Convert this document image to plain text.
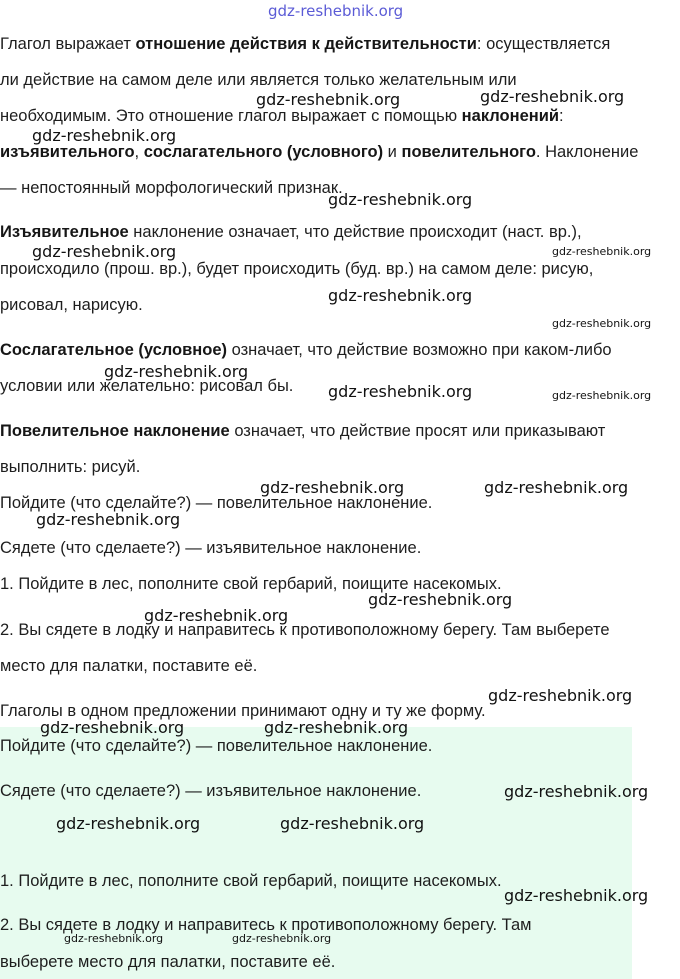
Глагол выражает отношение действия к действительности: осуществляется
ли действие на самом деле или является только желательным или
необходимым. Это отношение глагол выражает с помощью наклонений:
изъявительного, сослагательного (условного) и повелительного. Наклонение
— непостоянный морфологический признак.
Изъявительное наклонение означает, что действие происходит (наст. вр.),
происходило (прош. вр.), будет происходить (буд. вр.) на самом деле: рисую,
рисовал, нарисую.
Сослагательное (условное) означает, что действие возможно при каком-либо
условии или желательно: рисовал бы.
Повелительное наклонение означает, что действие просят или приказывают
выполнить: рисуй.
Пойдите (что сделайте?) — повелительное наклонение.
Сядете (что сделаете?) — изъявительное наклонение.
1. Пойдите в лес, пополните свой гербарий, поищите насекомых.
2. Вы сядете в лодку и направитесь к противоположному берегу. Там выберете
место для палатки, поставите её.
Глаголы в одном предложении принимают одну и ту же форму.
Пойдите (что сделайте?) — повелительное наклонение.
Сядете (что сделаете?) — изъявительное наклонение.
1. Пойдите в лес, пополните свой гербарий, поищите насекомых.
2. Вы сядете в лодку и направитесь к противоположному берегу. Там
выберете место для палатки, поставите её.
gdz-reshebnik.org
gdz-reshebnik.org	gdz-reshebnik.org
gdz-reshebnik.org
gdz-reshebnik.org
gdz-reshebnik.org	gdz-reshebnik.org
gdz-reshebnik.org
gdz-reshebnik.org
gdz-reshebnik.org
gdz-reshebnik.org	gdz-reshebnik.org
gdz-reshebnik.org	gdz-reshebnik.org
gdz-reshebnik.org
gdz-reshebnik.org
gdz-reshebnik.org
gdz-reshebnik.org
gdz-reshebnik.org	gdz-reshebnik.org
gdz-reshebnik.org
gdz-reshebnik.org	gdz-reshebnik.org
gdz-reshebnik.org
gdz-reshebnik.org	gdz-reshebnik.org
